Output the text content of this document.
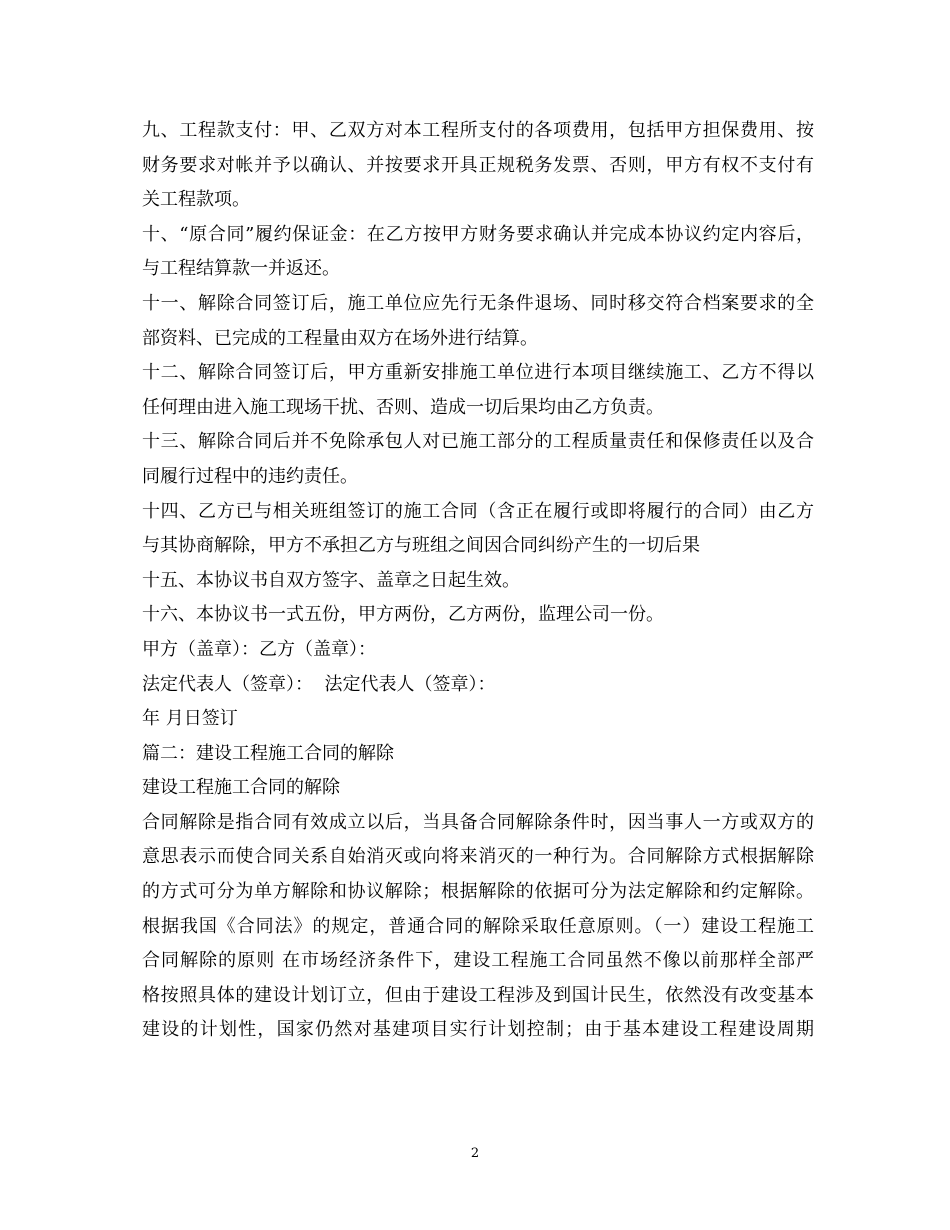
九、工程款支付：甲、乙双方对本工程所支付的各项费用，包括甲方担保费用、按
财务要求对帐并予以确认、并按要求开具正规税务发票、否则，甲方有权不支付有
关工程款项。
十、“原合同”履约保证金：在乙方按甲方财务要求确认并完成本协议约定内容后，
与工程结算款一并返还。
十一、解除合同签订后，施工单位应先行无条件退场、同时移交符合档案要求的全
部资料、已完成的工程量由双方在场外进行结算。
十二、解除合同签订后，甲方重新安排施工单位进行本项目继续施工、乙方不得以
任何理由进入施工现场干扰、否则、造成一切后果均由乙方负责。
十三、解除合同后并不免除承包人对已施工部分的工程质量责任和保修责任以及合
同履行过程中的违约责任。
十四、乙方已与相关班组签订的施工合同（含正在履行或即将履行的合同）由乙方
与其协商解除，甲方不承担乙方与班组之间因合同纠纷产生的一切后果
十五、本协议书自双方签字、盖章之日起生效。
十六、本协议书一式五份，甲方两份，乙方两份，监理公司一份。
甲方（盖章）：乙方（盖章）：
法定代表人（签章）：  法定代表人（签章）：
年 月日签订
篇二：建设工程施工合同的解除
建设工程施工合同的解除
合同解除是指合同有效成立以后，当具备合同解除条件时，因当事人一方或双方的
意思表示而使合同关系自始消灭或向将来消灭的一种行为。合同解除方式根据解除
的方式可分为单方解除和协议解除；根据解除的依据可分为法定解除和约定解除。
根据我国《合同法》的规定，普通合同的解除采取任意原则。（一）建设工程施工
合同解除的原则 在市场经济条件下，建设工程施工合同虽然不像以前那样全部严
格按照具体的建设计划订立，但由于建设工程涉及到国计民生，依然没有改变基本
建设的计划性，国家仍然对基建项目实行计划控制；由于基本建设工程建设周期
2
